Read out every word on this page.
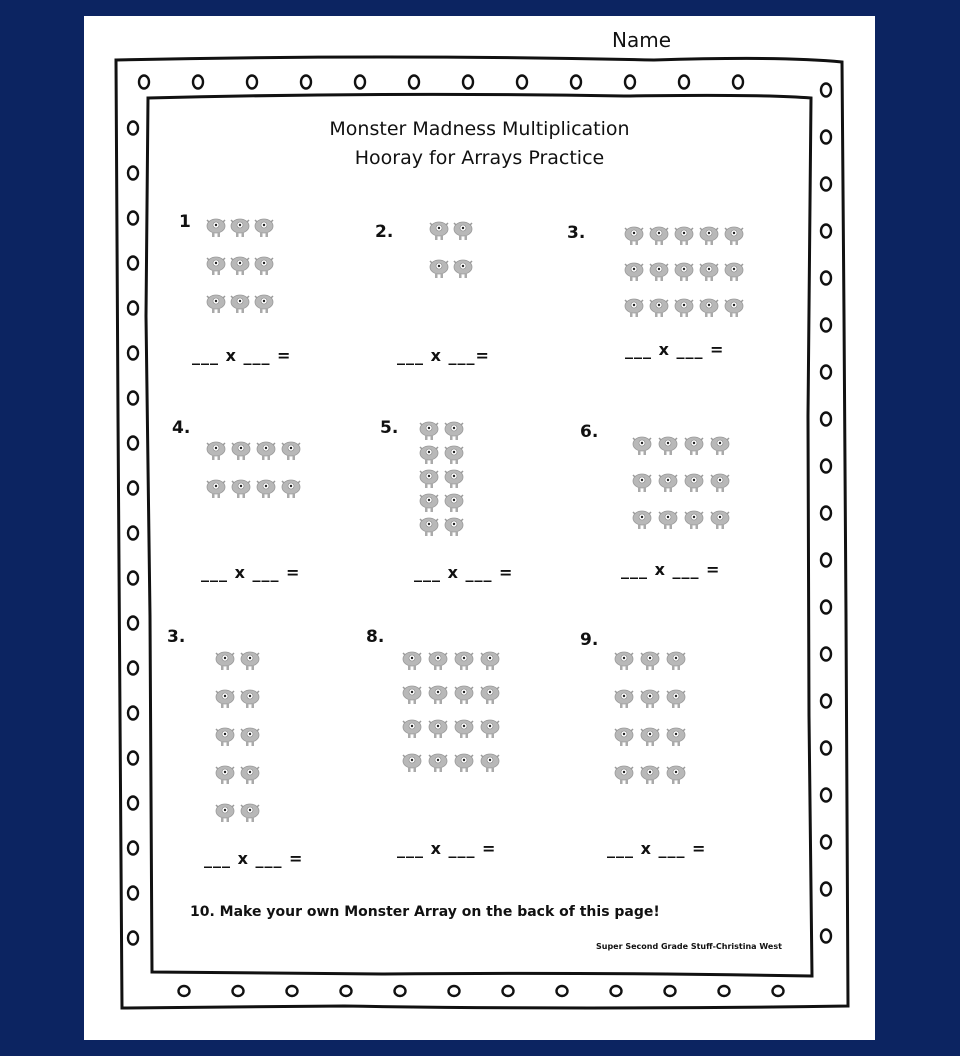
Name
Monster Madness Multiplication
Hooray for Arrays Practice
1
___ x ___ =
2.
___ x ___=
3.
___ x ___ =
4.
___ x ___ =
5.
___ x ___ =
6.
___ x ___ =
3.
___ x ___ =
8.
___ x ___ =
9.
___ x ___ =
10. Make your own Monster Array on the back of this page!
Super Second Grade Stuff-Christina West
